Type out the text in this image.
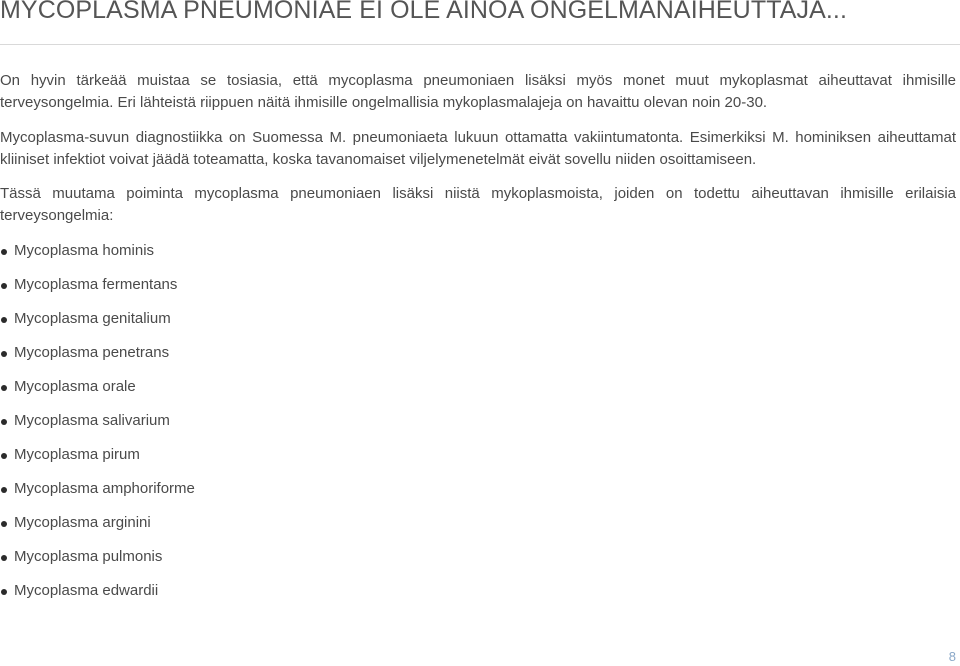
MYCOPLASMA PNEUMONIAE EI OLE AINOA ONGELMANAIHEUTTAJA...

On hyvin tärkeää muistaa se tosiasia, että mycoplasma pneumoniaen lisäksi myös monet muut mykoplasmat aiheuttavat ihmisille terveysongelmia. Eri lähteistä riippuen näitä ihmisille ongelmallisia mykoplasmalajeja on havaittu olevan noin 20-30.

Mycoplasma-suvun diagnostiikka on Suomessa M. pneumoniaeta lukuun ottamatta vakiintumatonta. Esimerkiksi M. hominiksen aiheuttamat kliiniset infektiot voivat jäädä toteamatta, koska tavanomaiset viljelymenetelmät eivät sovellu niiden osoittamiseen.

Tässä muutama poiminta mycoplasma pneumoniaen lisäksi niistä mykoplasmoista, joiden on todettu aiheuttavan ihmisille erilaisia terveysongelmia:

Mycoplasma hominis
Mycoplasma fermentans
Mycoplasma genitalium
Mycoplasma penetrans
Mycoplasma orale
Mycoplasma salivarium
Mycoplasma pirum
Mycoplasma amphoriforme
Mycoplasma arginini
Mycoplasma pulmonis
Mycoplasma edwardii
8
